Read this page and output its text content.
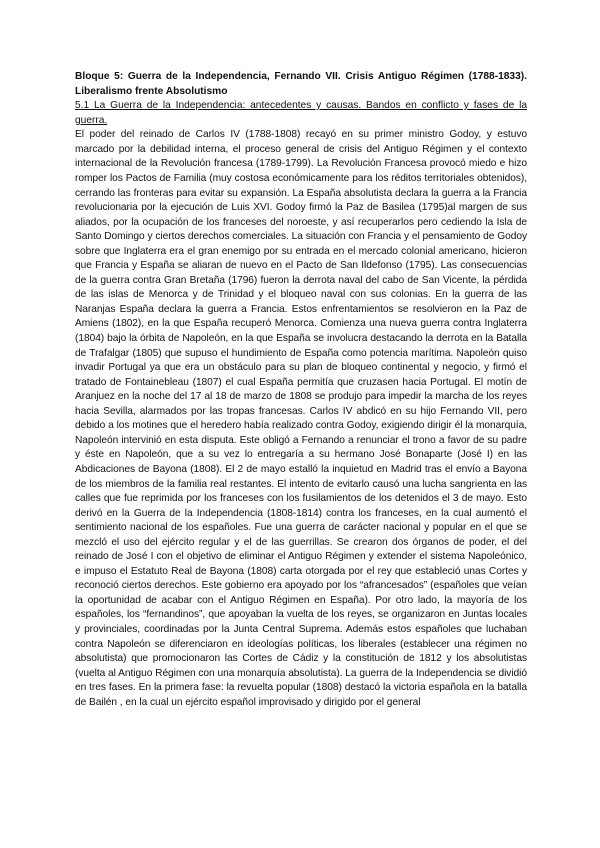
Bloque 5: Guerra de la Independencia, Fernando VII. Crisis Antiguo Régimen (1788-1833). Liberalismo frente Absolutismo

5.1 La Guerra de la Independencia: antecedentes y causas. Bandos en conflicto y fases de la guerra.

El poder del reinado de Carlos IV (1788-1808) recayó en su primer ministro Godoy, y estuvo marcado por la debilidad interna, el proceso general de crisis del Antiguo Régimen y el contexto internacional de la Revolución francesa (1789-1799). La Revolución Francesa provocó miedo e hizo romper los Pactos de Familia (muy costosa económicamente para los réditos territoriales obtenidos), cerrando las fronteras para evitar su expansión. La España absolutista declara la guerra a la Francia revolucionaria por la ejecución de Luis XVI. Godoy firmó la Paz de Basilea (1795)al margen de sus aliados, por la ocupación de los franceses del noroeste, y así recuperarlos pero cediendo la Isla de Santo Domingo y ciertos derechos comerciales. La situación con Francia y el pensamiento de Godoy sobre que Inglaterra era el gran enemigo por su entrada en el mercado colonial americano, hicieron que Francia y España se aliaran de nuevo en el Pacto de San Ildefonso (1795). Las consecuencias de la guerra contra Gran Bretaña (1796) fueron la derrota naval del cabo de San Vicente, la pérdida de las islas de Menorca y de Trinidad y el bloqueo naval con sus colonias. En la guerra de las Naranjas España declara la guerra a Francia. Estos enfrentamientos se resolvieron en la Paz de Amiens (1802), en la que España recuperó Menorca. Comienza una nueva guerra contra Inglaterra (1804) bajo la órbita de Napoleón, en la que España se involucra destacando la derrota en la Batalla de Trafalgar (1805) que supuso el hundimiento de España como potencia marítima. Napoleón quiso invadir Portugal ya que era un obstáculo para su plan de bloqueo continental y negocio, y firmó el tratado de Fontainebleau (1807) el cual España permitía que cruzasen hacia Portugal. El motín de Aranjuez en la noche del 17 al 18 de marzo de 1808 se produjo para impedir la marcha de los reyes hacia Sevilla, alarmados por las tropas francesas. Carlos IV abdicó en su hijo Fernando VII, pero debido a los motines que el heredero había realizado contra Godoy, exigiendo dirigir él la monarquía, Napoleón intervinió en esta disputa. Este obligó a Fernando a renunciar el trono a favor de su padre y éste en Napoleón, que a su vez lo entregaría a su hermano José Bonaparte (José I) en las Abdicaciones de Bayona (1808). El 2 de mayo estalló la inquietud en Madrid tras el envío a Bayona de los miembros de la familia real restantes. El intento de evitarlo causó una lucha sangrienta en las calles que fue reprimida por los franceses con los fusilamientos de los detenidos el 3 de mayo. Esto derivó en la Guerra de la Independencia (1808-1814) contra los franceses, en la cual aumentó el sentimiento nacional de los españoles. Fue una guerra de carácter nacional y popular en el que se mezcló el uso del ejército regular y el de las guerrillas. Se crearon dos órganos de poder, el del reinado de José I con el objetivo de eliminar el Antiguo Régimen y extender el sistema Napoleónico, e impuso el Estatuto Real de Bayona (1808) carta otorgada por el rey que estableció unas Cortes y reconoció ciertos derechos. Este gobierno era apoyado por los “afrancesados” (españoles que veían la oportunidad de acabar con el Antiguo Régimen en España). Por otro lado, la mayoría de los españoles, los “fernandinos”, que apoyaban la vuelta de los reyes, se organizaron en Juntas locales y provinciales, coordinadas por la Junta Central Suprema. Además estos españoles que luchaban contra Napoleón se diferenciaron en ideologías políticas, los liberales (establecer una régimen no absolutista) que promocionaron las Cortes de Cádiz y la constitución de 1812 y los absolutistas (vuelta al Antiguo Régimen con una monarquía absolutista). La guerra de la Independencia se dividió en tres fases. En la primera fase: la revuelta popular (1808) destacó la victoria española en la batalla de Bailén , en la cual un ejército español improvisado y dirigido por el general
